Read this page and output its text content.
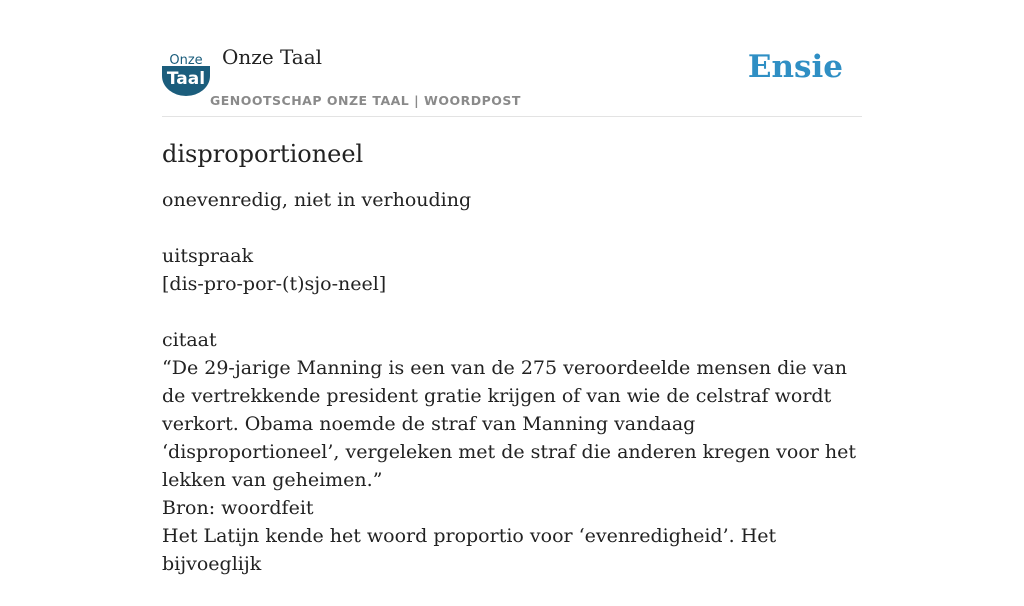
Onze
Taal
Onze Taal
GENOOTSCHAP ONZE TAAL | WOORDPOST
Ensie
disproportioneel

onevenredig, niet in verhouding

uitspraak
[dis-pro-por-(t)sjo-neel]

citaat
“De 29-jarige Manning is een van de 275 veroordeelde mensen die van de vertrekkende president gratie krijgen of van wie de celstraf wordt verkort. Obama noemde de straf van Manning vandaag ‘disproportioneel’, vergeleken met de straf die anderen kregen voor het lekken van geheimen.”
Bron: woordfeit
Het Latijn kende het woord proportio voor ‘evenredigheid’. Het bijvoeglijk
